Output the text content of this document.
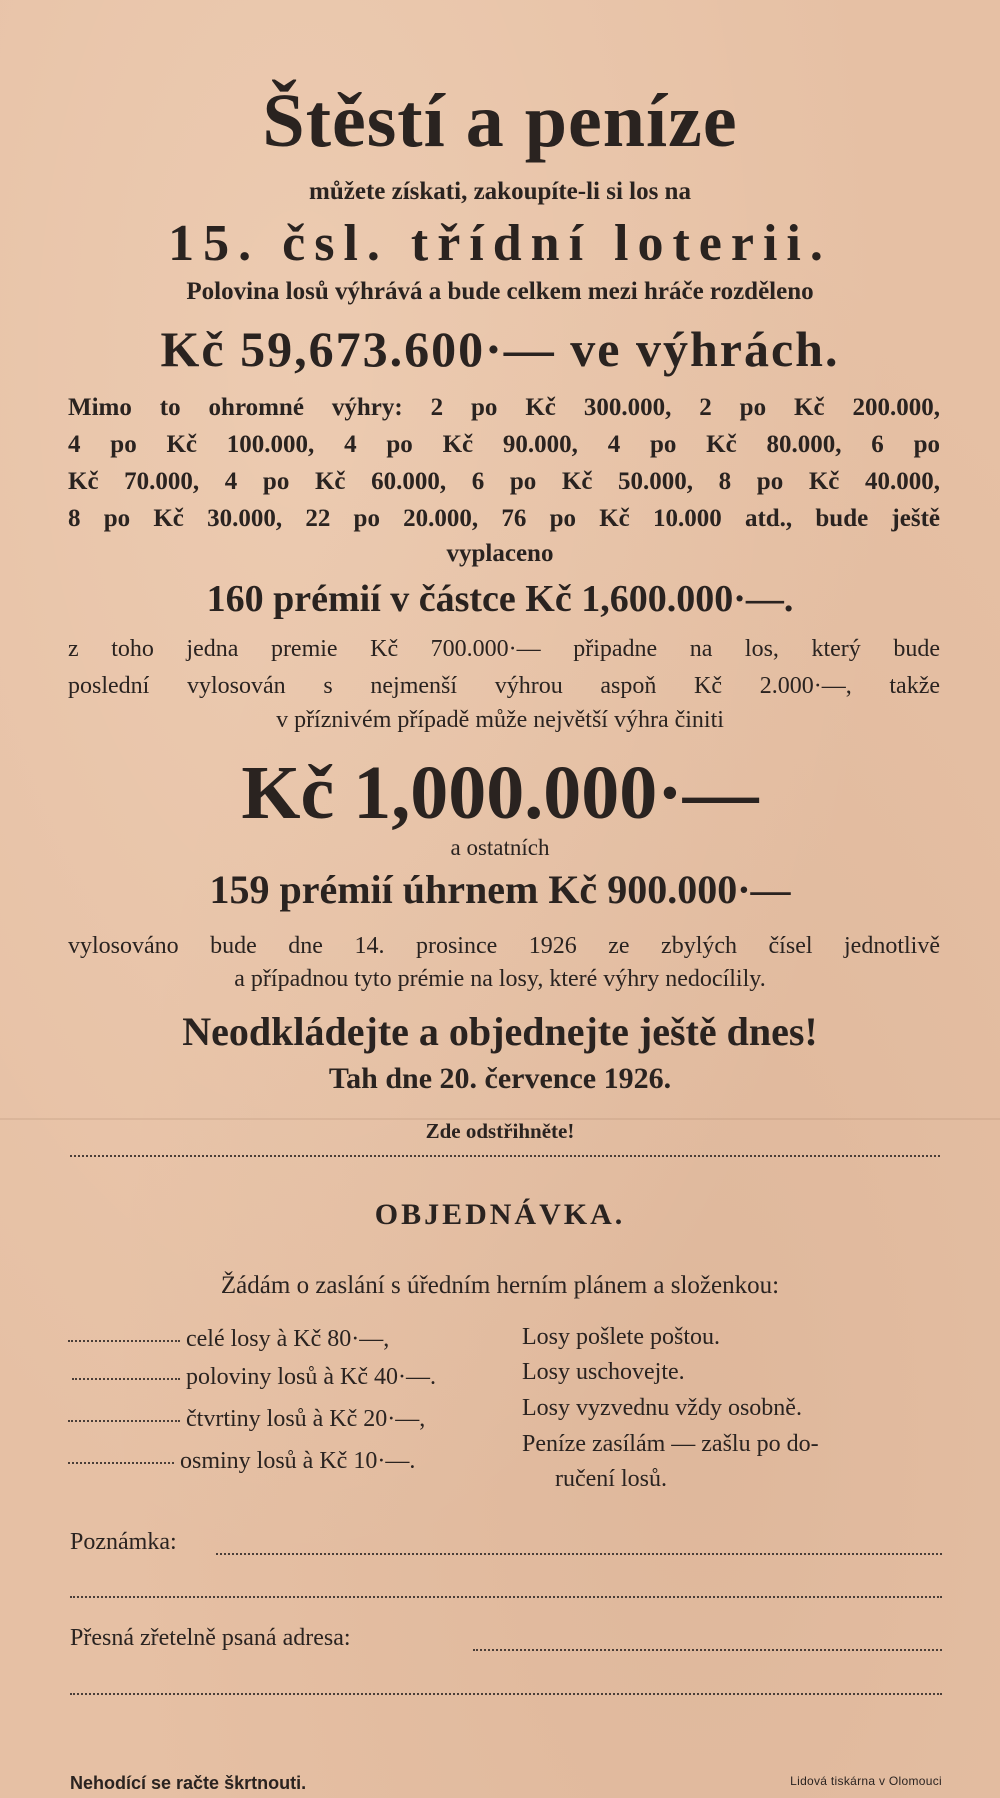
Štěstí a peníze

můžete získati, zakoupíte-li si los na

15. čsl. třídní loterii.

Polovina losů výhrává a bude celkem mezi hráče rozděleno

Kč 59,673.600·— ve výhrách.

Mimo to ohromné výhry: 2 po Kč 300.000, 2 po Kč 200.000,

4 po Kč 100.000, 4 po Kč 90.000, 4 po Kč 80.000, 6 po

Kč 70.000, 4 po Kč 60.000, 6 po Kč 50.000, 8 po Kč 40.000,

8 po Kč 30.000, 22 po 20.000, 76 po Kč 10.000 atd., bude ještě

vyplaceno

160 prémií v částce Kč 1,600.000·—.

z toho jedna premie Kč 700.000·— připadne na los, který bude

poslední vylosován s nejmenší výhrou aspoň Kč 2.000·—, takže

v příznivém případě může největší výhra činiti

Kč 1,000.000·—

a ostatních

159 prémií úhrnem Kč 900.000·—

vylosováno bude dne 14. prosince 1926 ze zbylých čísel jednotlivě

a případnou tyto prémie na losy, které výhry nedocílily.

Neodkládejte a objednejte ještě dnes!

Tah dne 20. července 1926.

Zde odstřihněte!

OBJEDNÁVKA.

Žádám o zaslání s úředním herním plánem a složenkou:

celé losy à Kč 80·—,
poloviny losů à Kč 40·—.
čtvrtiny losů à Kč 20·—,
osminy losů à Kč 10·—.

Losy pošlete poštou.

Losy uschovejte.

Losy vyzvednu vždy osobně.

Peníze zasílám — zašlu po do-

ručení losů.

Poznámka:

Přesná zřetelně psaná adresa:

Nehodící se račte škrtnouti.	Lidová tiskárna v Olomouci
